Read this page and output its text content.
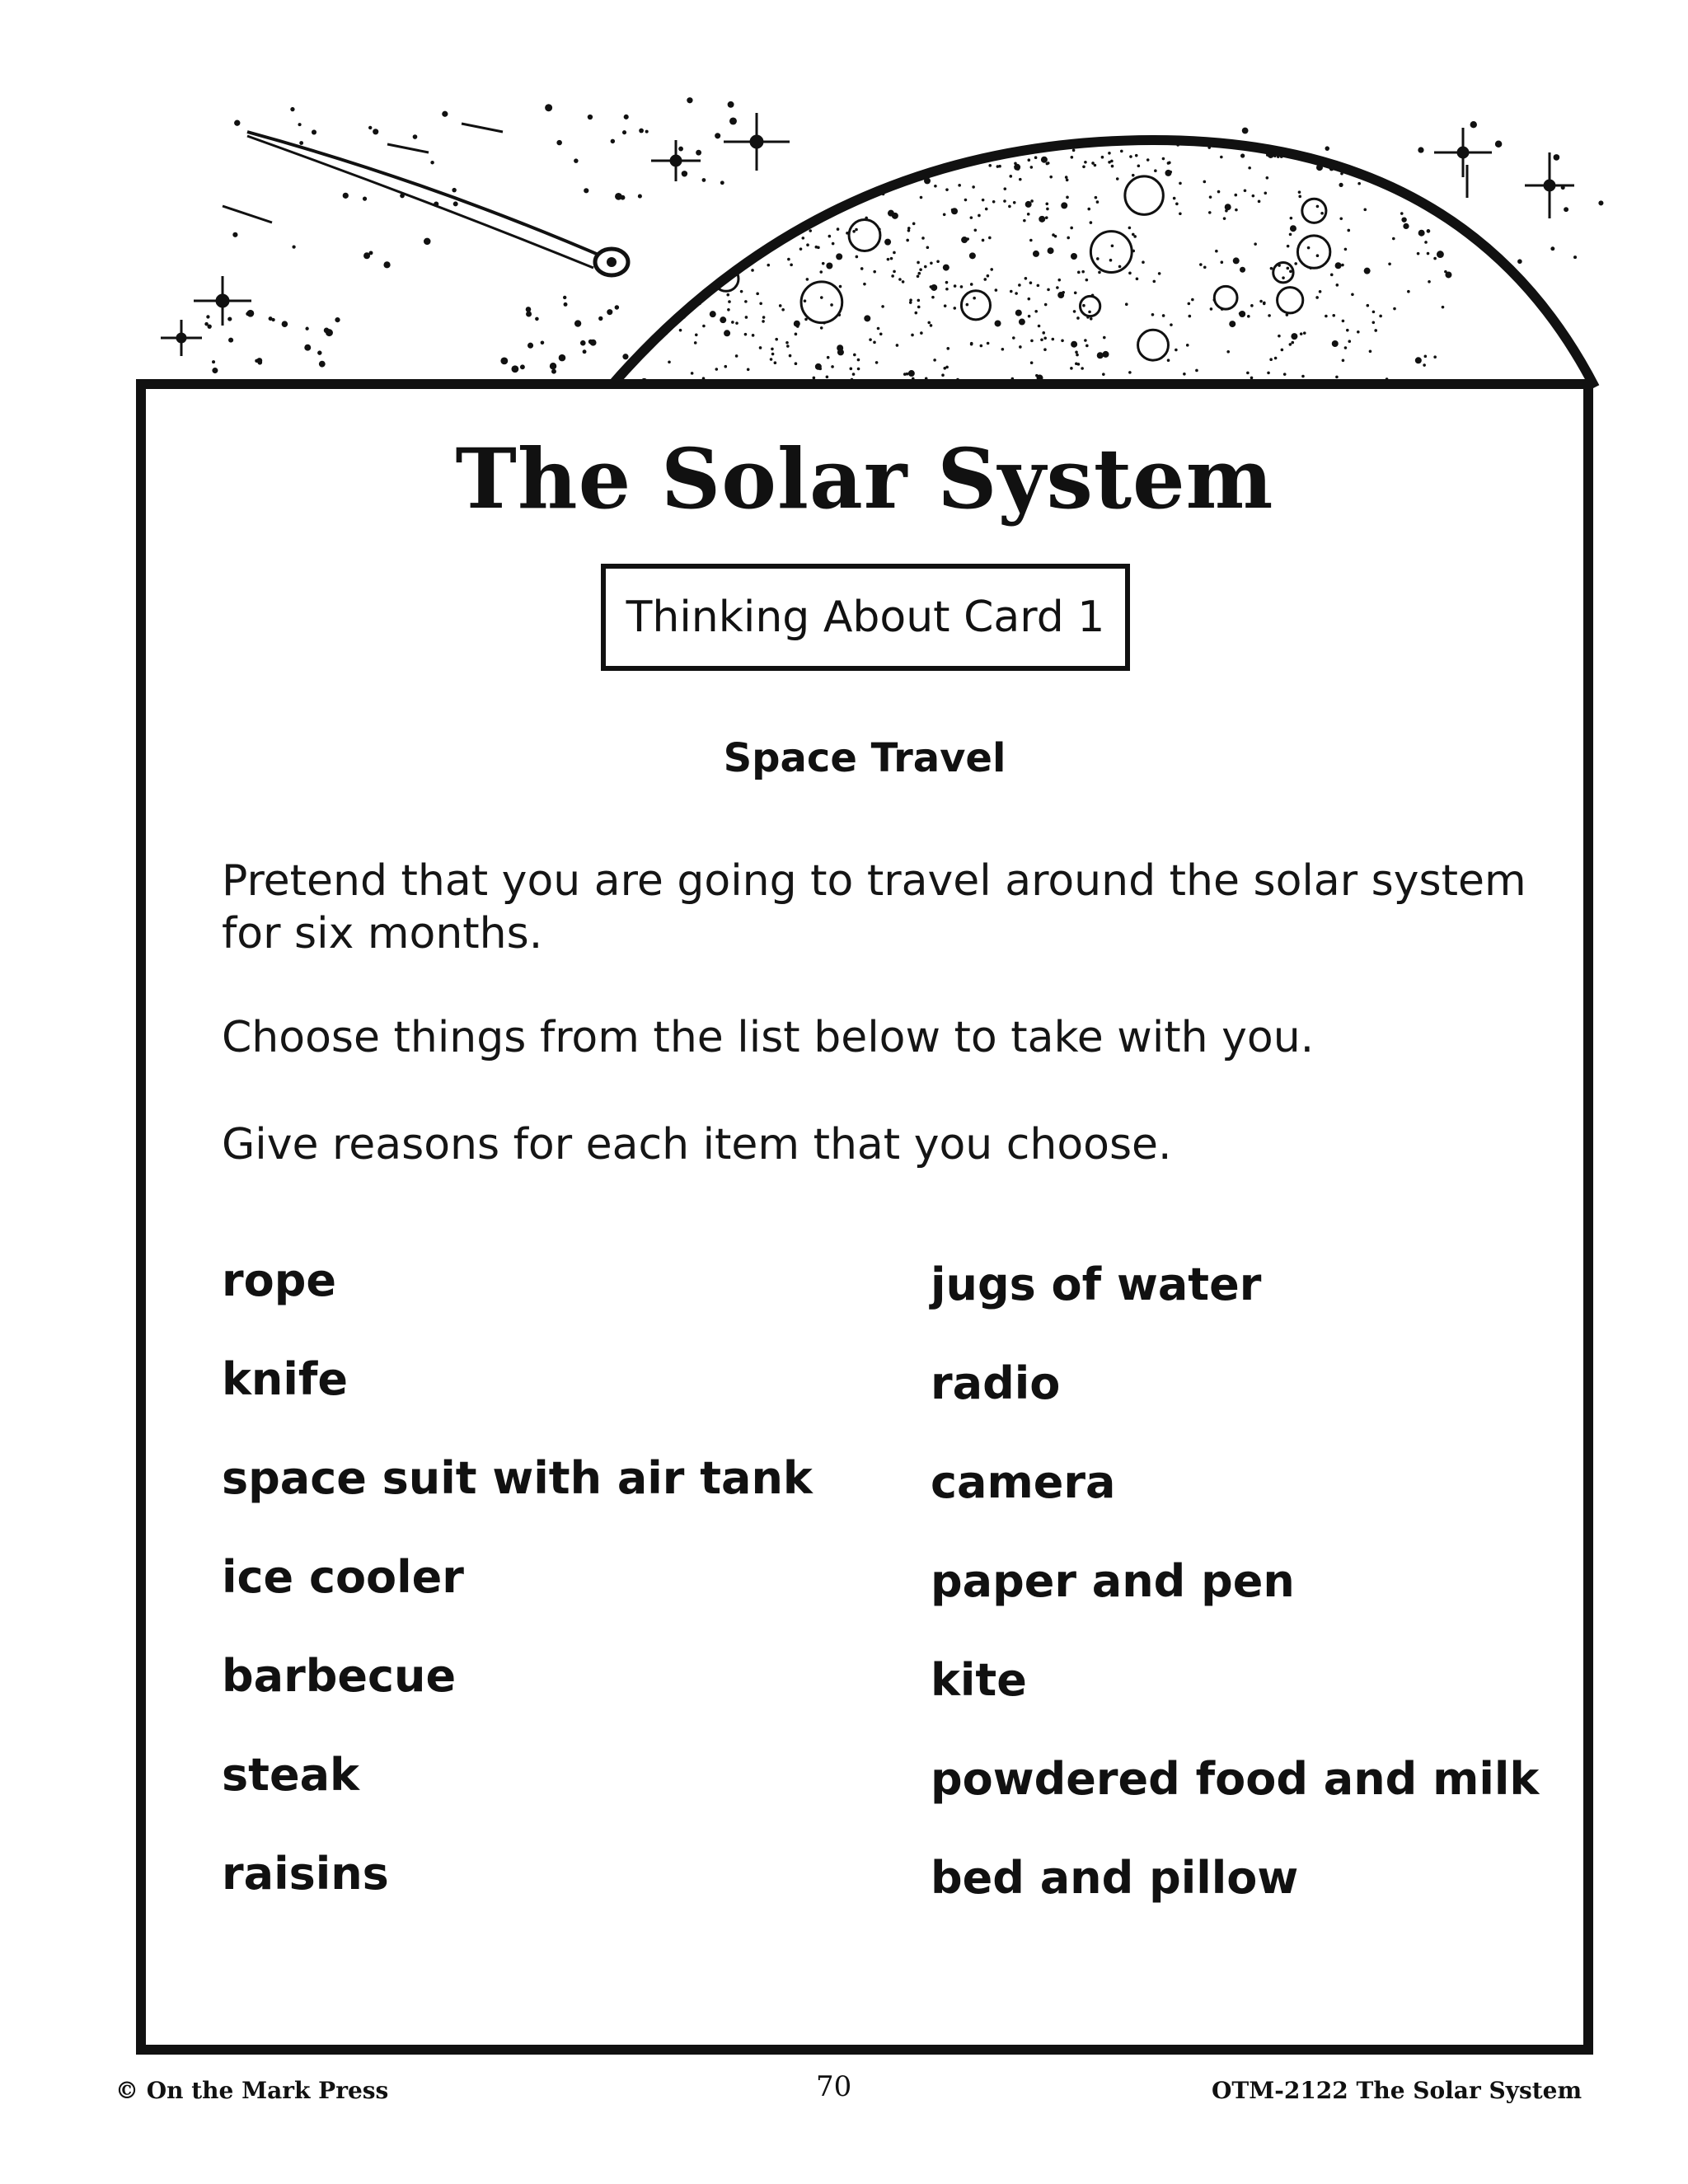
The Solar System
Thinking About Card 1
Space Travel
Pretend that you are going to travel around the solar system for six months.
Choose things from the list below to take with you.
Give reasons for each item that you choose.
rope
knife
space suit with air tank
ice cooler
barbecue
steak
raisins
jugs of water
radio
camera
paper and pen
kite
powdered food and milk
bed and pillow
© On the Mark Press	70	OTM-2122 The Solar System
